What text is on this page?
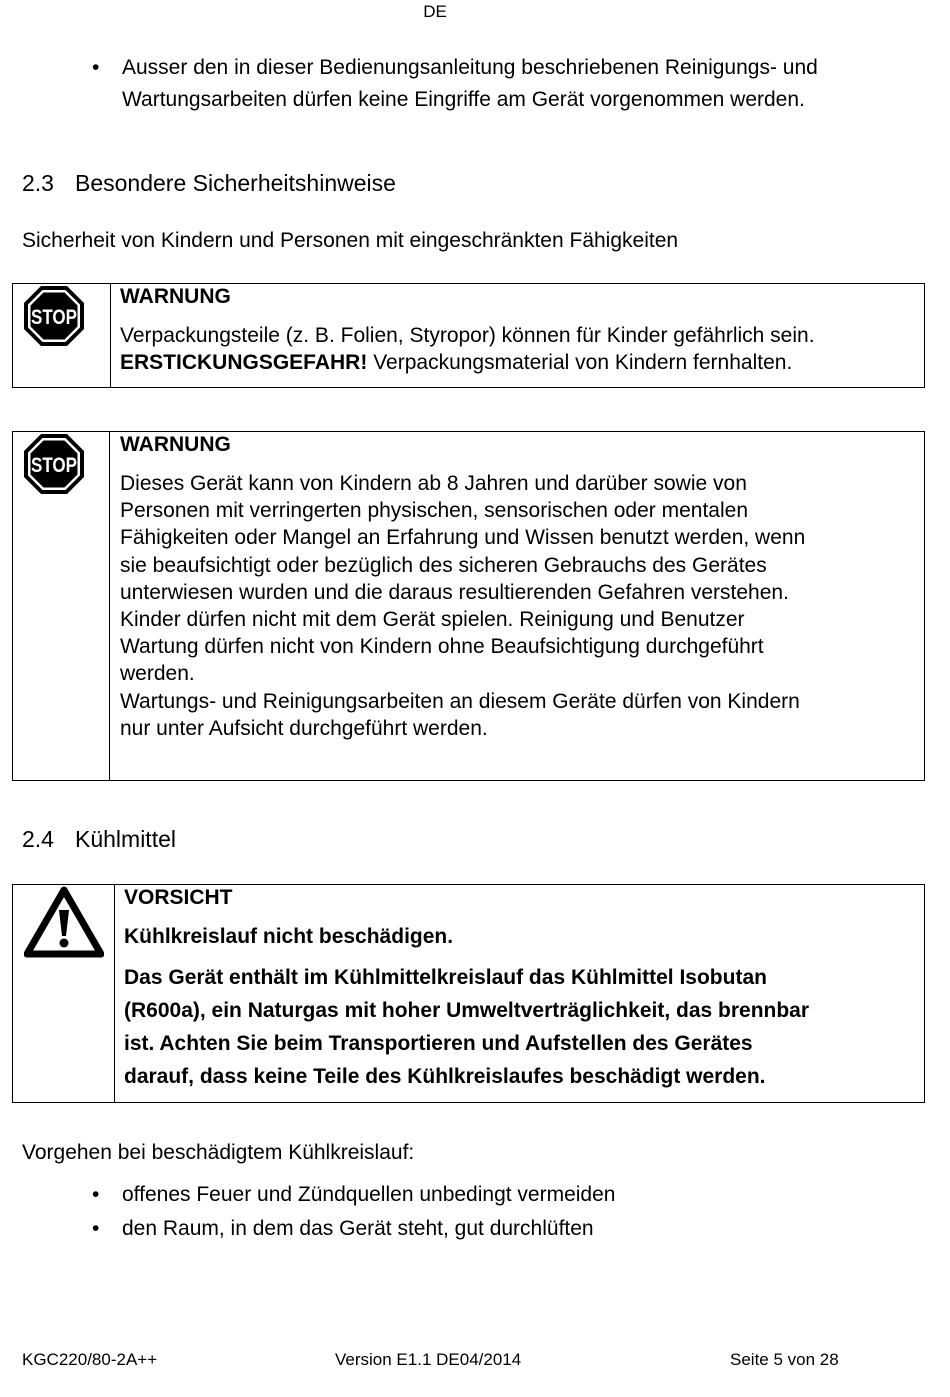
DE
•	Ausser den in dieser Bedienungsanleitung beschriebenen Reinigungs- und
Wartungsarbeiten dürfen keine Eingriffe am Gerät vorgenommen werden.
2.3 Besondere Sicherheitshinweise
Sicherheit von Kindern und Personen mit eingeschränkten Fähigkeiten
STOP
WARNUNG
Verpackungsteile (z. B. Folien, Styropor) können für Kinder gefährlich sein.
ERSTICKUNGSGEFAHR! Verpackungsmaterial von Kindern fernhalten.
STOP
WARNUNG
Dieses Gerät kann von Kindern ab 8 Jahren und darüber sowie von
Personen mit verringerten physischen, sensorischen oder mentalen
Fähigkeiten oder Mangel an Erfahrung und Wissen benutzt werden, wenn
sie beaufsichtigt oder bezüglich des sicheren Gebrauchs des Gerätes
unterwiesen wurden und die daraus resultierenden Gefahren verstehen.
Kinder dürfen nicht mit dem Gerät spielen. Reinigung und Benutzer
Wartung dürfen nicht von Kindern ohne Beaufsichtigung durchgeführt
werden.
Wartungs- und Reinigungsarbeiten an diesem Geräte dürfen von Kindern
nur unter Aufsicht durchgeführt werden.
2.4 Kühlmittel
VORSICHT
Kühlkreislauf nicht beschädigen.
Das Gerät enthält im Kühlmittelkreislauf das Kühlmittel Isobutan
(R600a), ein Naturgas mit hoher Umweltverträglichkeit, das brennbar
ist. Achten Sie beim Transportieren und Aufstellen des Gerätes
darauf, dass keine Teile des Kühlkreislaufes beschädigt werden.
Vorgehen bei beschädigtem Kühlkreislauf:
•	offenes Feuer und Zündquellen unbedingt vermeiden
•	den Raum, in dem das Gerät steht, gut durchlüften
KGC220/80-2A++	Version E1.1 DE04/2014	Seite 5 von 28
